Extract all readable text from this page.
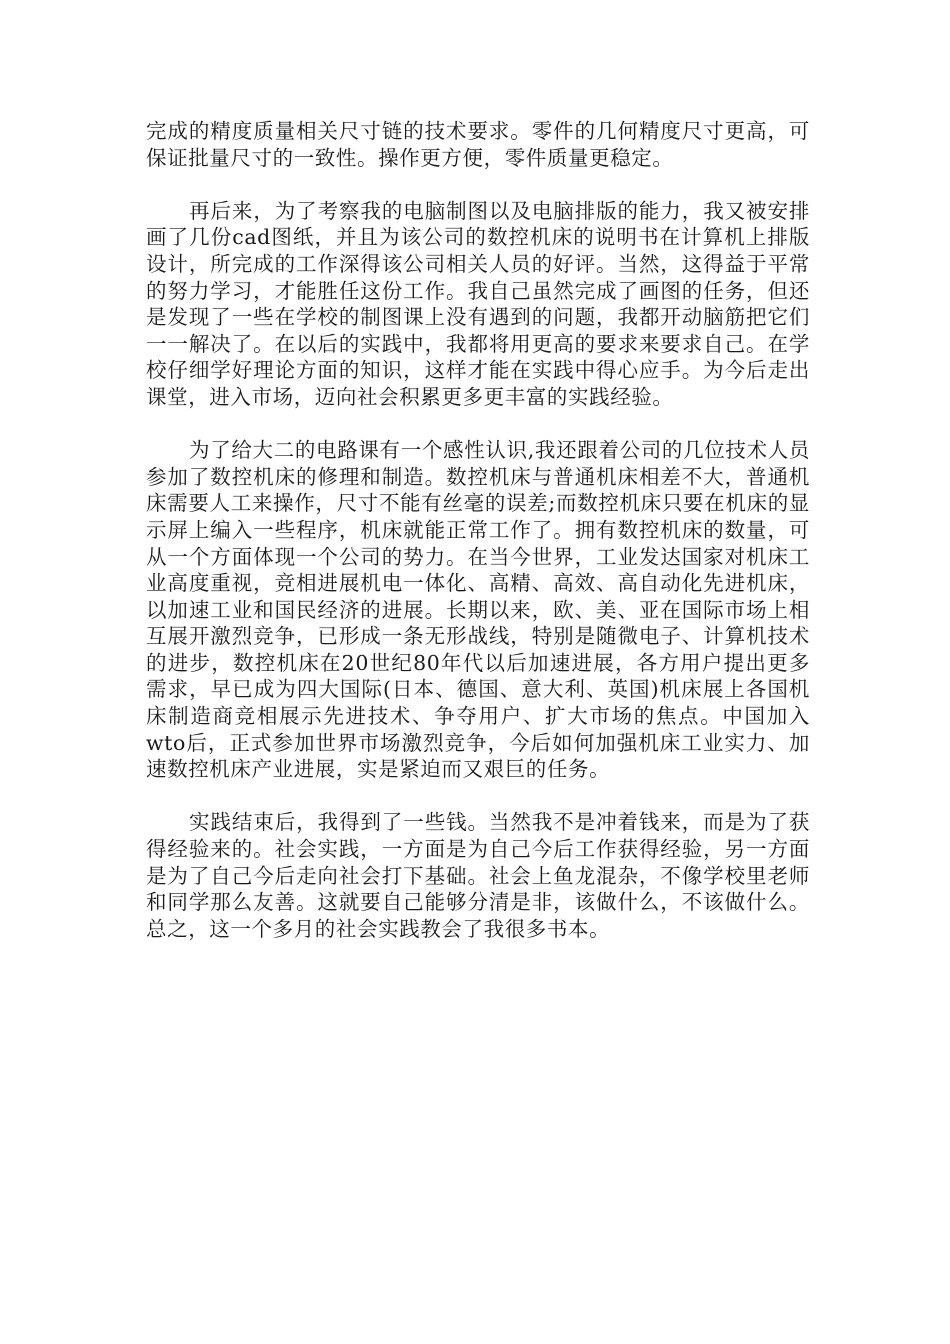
完成的精度质量相关尺寸链的技术要求。零件的几何精度尺寸更高，可保证批量尺寸的一致性。操作更方便，零件质量更稳定。

再后来，为了考察我的电脑制图以及电脑排版的能力，我又被安排画了几份cad图纸，并且为该公司的数控机床的说明书在计算机上排版设计，所完成的工作深得该公司相关人员的好评。当然，这得益于平常的努力学习，才能胜任这份工作。我自己虽然完成了画图的任务，但还是发现了一些在学校的制图课上没有遇到的问题，我都开动脑筋把它们一一解决了。在以后的实践中，我都将用更高的要求来要求自己。在学校仔细学好理论方面的知识，这样才能在实践中得心应手。为今后走出课堂，进入市场，迈向社会积累更多更丰富的实践经验。

为了给大二的电路课有一个感性认识,我还跟着公司的几位技术人员参加了数控机床的修理和制造。数控机床与普通机床相差不大，普通机床需要人工来操作，尺寸不能有丝毫的误差;而数控机床只要在机床的显示屏上编入一些程序，机床就能正常工作了。拥有数控机床的数量，可从一个方面体现一个公司的势力。在当今世界，工业发达国家对机床工业高度重视，竞相进展机电一体化、高精、高效、高自动化先进机床，以加速工业和国民经济的进展。长期以来，欧、美、亚在国际市场上相互展开激烈竞争，已形成一条无形战线，特别是随微电子、计算机技术的进步，数控机床在20世纪80年代以后加速进展，各方用户提出更多需求，早已成为四大国际(日本、德国、意大利、英国)机床展上各国机床制造商竞相展示先进技术、争夺用户、扩大市场的焦点。中国加入wto后，正式参加世界市场激烈竞争，今后如何加强机床工业实力、加速数控机床产业进展，实是紧迫而又艰巨的任务。

实践结束后，我得到了一些钱。当然我不是冲着钱来，而是为了获得经验来的。社会实践，一方面是为自己今后工作获得经验，另一方面是为了自己今后走向社会打下基础。社会上鱼龙混杂，不像学校里老师和同学那么友善。这就要自己能够分清是非，该做什么，不该做什么。总之，这一个多月的社会实践教会了我很多书本。
